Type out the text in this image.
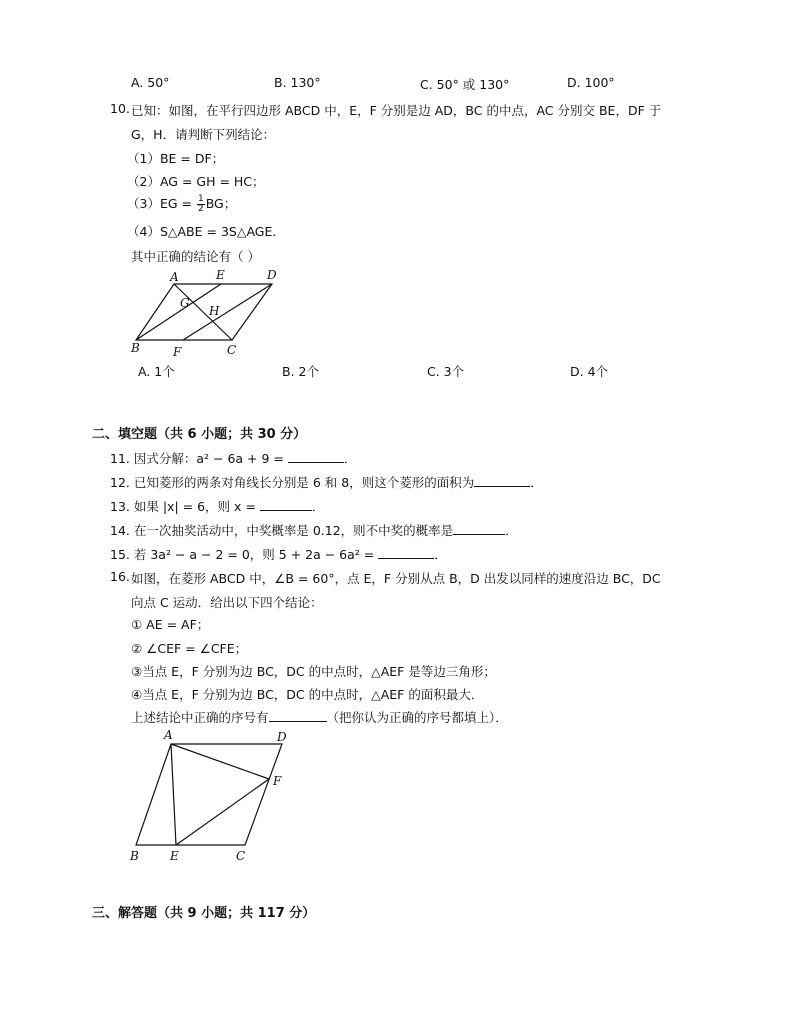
A. 50°	B. 130°	C. 50° 或 130°	D. 100°
10. 已知：如图，在平行四边形 ABCD 中，E，F 分别是边 AD，BC 的中点，AC 分别交 BE，DF 于
G，H．请判断下列结论：
（1）BE = DF；
（2）AG = GH = HC；
$(3)EG = \frac{1}{2}$ BG；
（4）S△ABE = 3S△AGE．
其中正确的结论有（ ）
A	E	D
G
H
B	F	C
A. 1个	B. 2个	C. 3个	D. 4个
二、填空题（共 6 小题；共 30 分）
11. 因式分解：a² − 6a + 9 =	．
12. 已知菱形的两条对角线长分别是 6 和 8，则这个菱形的面积为	．
13. 如果 |x| = 6，则 x =	．
14. 在一次抽奖活动中，中奖概率是 0.12，则不中奖的概率是	．
15. 若 3a² − a − 2 = 0，则 5 + 2a − 6a² =	．
16. 如图，在菱形 ABCD 中，∠B = 60°，点 E，F 分别从点 B，D 出发以同样的速度沿边 BC，DC
向点 C 运动．给出以下四个结论：
① AE = AF；
② ∠CEF = ∠CFE；
③当点 E，F 分别为边 BC，DC 的中点时，△AEF 是等边三角形；
④当点 E，F 分别为边 BC，DC 的中点时，△AEF 的面积最大．
上述结论中正确的序号有	（把你认为正确的序号都填上）．
A	D
F
B	E	C
三、解答题（共 9 小题；共 117 分）
